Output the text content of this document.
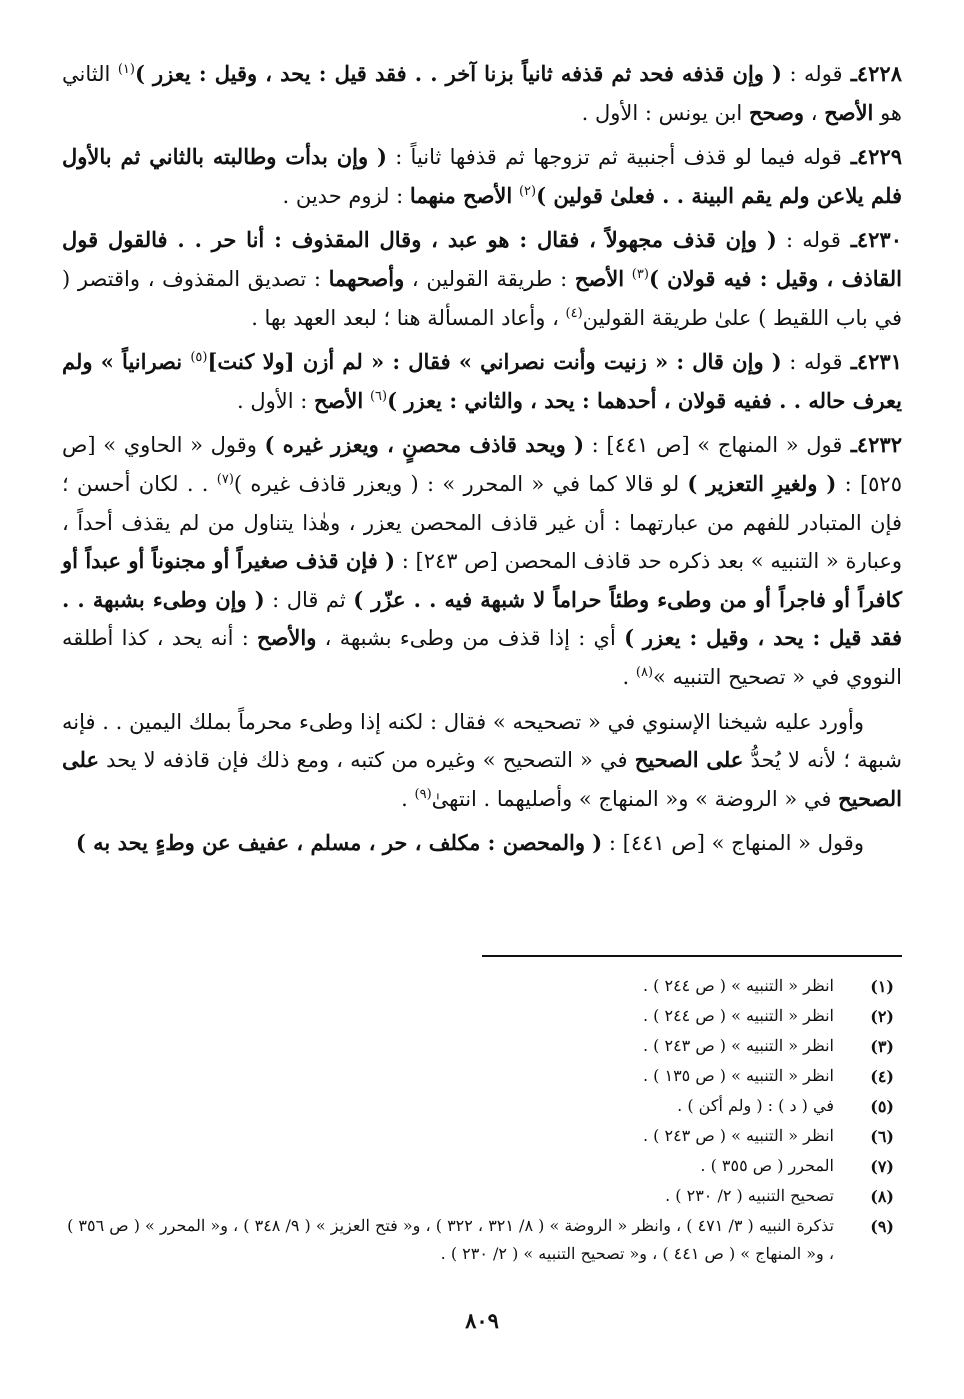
٤٢٢٨ـ قوله : ( وإن قذفه فحد ثم قذفه ثانياً بزنا آخر . . فقد قيل : يحد ، وقيل : يعزر )$^{(١)}$ الثاني هو الأصح ، وصحح ابن يونس : الأول .

٤٢٢٩ـ قوله فيما لو قذف أجنبية ثم تزوجها ثم قذفها ثانياً : ( وإن بدأت وطالبته بالثاني ثم بالأول فلم يلاعن ولم يقم البينة . . فعلىٰ قولين )$^{(٢)}$ الأصح منهما : لزوم حدين .

٤٢٣٠ـ قوله : ( وإن قذف مجهولاً ، فقال : هو عبد ، وقال المقذوف : أنا حر . . فالقول قول القاذف ، وقيل : فيه قولان )$^{(٣)}$ الأصح : طريقة القولين ، وأصحهما : تصديق المقذوف ، واقتصر ( في باب اللقيط ) علىٰ طريقة القولين$^{(٤)}$ ، وأعاد المسألة هنا ؛ لبعد العهد بها .

٤٢٣١ـ قوله : ( وإن قال : « زنيت وأنت نصراني » فقال : « لم أزن [ولا كنت]$^{(٥)}$ نصرانياً » ولم يعرف حاله . . ففيه قولان ، أحدهما : يحد ، والثاني : يعزر )$^{(٦)}$ الأصح : الأول .

٤٢٣٢ـ قول « المنهاج » [ص ٤٤١] : ( ويحد قاذف محصنٍ ، ويعزر غيره ) وقول « الحاوي » [ص ٥٢٥] : ( ولغيرِ التعزير ) لو قالا كما في « المحرر » : ( ويعزر قاذف غيره )$^{(٧)}$ . . لكان أحسن ؛ فإن المتبادر للفهم من عبارتهما : أن غير قاذف المحصن يعزر ، وهٰذا يتناول من لم يقذف أحداً ، وعبارة « التنبيه » بعد ذكره حد قاذف المحصن [ص ٢٤٣] : ( فإن قذف صغيراً أو مجنوناً أو عبداً أو كافراً أو فاجراً أو من وطىء وطئاً حراماً لا شبهة فيه . . عزّر ) ثم قال : ( وإن وطىء بشبهة . . فقد قيل : يحد ، وقيل : يعزر ) أي : إذا قذف من وطىء بشبهة ، والأصح : أنه يحد ، كذا أطلقه النووي في « تصحيح التنبيه »$^{(٨)}$ .

وأورد عليه شيخنا الإسنوي في « تصحيحه » فقال : لكنه إذا وطىء محرماً بملك اليمين . . فإنه شبهة ؛ لأنه لا يُحدُّ على الصحيح في « التصحيح » وغيره من كتبه ، ومع ذلك فإن قاذفه لا يحد على الصحيح في « الروضة » و« المنهاج » وأصليهما . انتهىٰ$^{(٩)}$ .

وقول « المنهاج » [ص ٤٤١] : ( والمحصن : مكلف ، حر ، مسلم ، عفيف عن وطءٍ يحد به )

(١)
انظر « التنبيه » ( ص ٢٤٤ ) .
(٢)
انظر « التنبيه » ( ص ٢٤٤ ) .
(٣)
انظر « التنبيه » ( ص ٢٤٣ ) .
(٤)
انظر « التنبيه » ( ص ١٣٥ ) .
(٥)
في ( د ) : ( ولم أكن ) .
(٦)
انظر « التنبيه » ( ص ٢٤٣ ) .
(٧)
المحرر ( ص ٣٥٥ ) .
(٨)
تصحيح التنبيه ( ٢/ ٢٣٠ ) .
(٩)
تذكرة النبيه ( ٣/ ٤٧١ ) ، وانظر « الروضة » ( ٨/ ٣٢١ ، ٣٢٢ ) ، و« فتح العزيز » ( ٩/ ٣٤٨ ) ، و« المحرر » ( ص ٣٥٦ ) ، و« المنهاج » ( ص ٤٤١ ) ، و« تصحيح التنبيه » ( ٢/ ٢٣٠ ) .
٨٠٩
